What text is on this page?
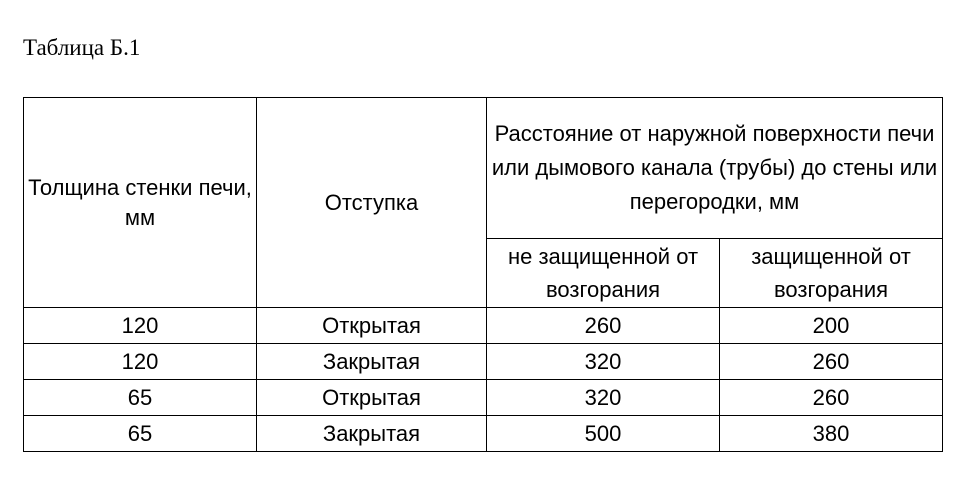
Таблица Б.1
Толщина стенки печи, мм	Отступка	Расстояние от наружной поверхности печи или дымового канала (трубы) до стены или перегородки, мм	
		не защищенной от возгорания	защищенной от возгорания
120	Открытая	260	200
120	Закрытая	320	260
65	Открытая	320	260
65	Закрытая	500	380
